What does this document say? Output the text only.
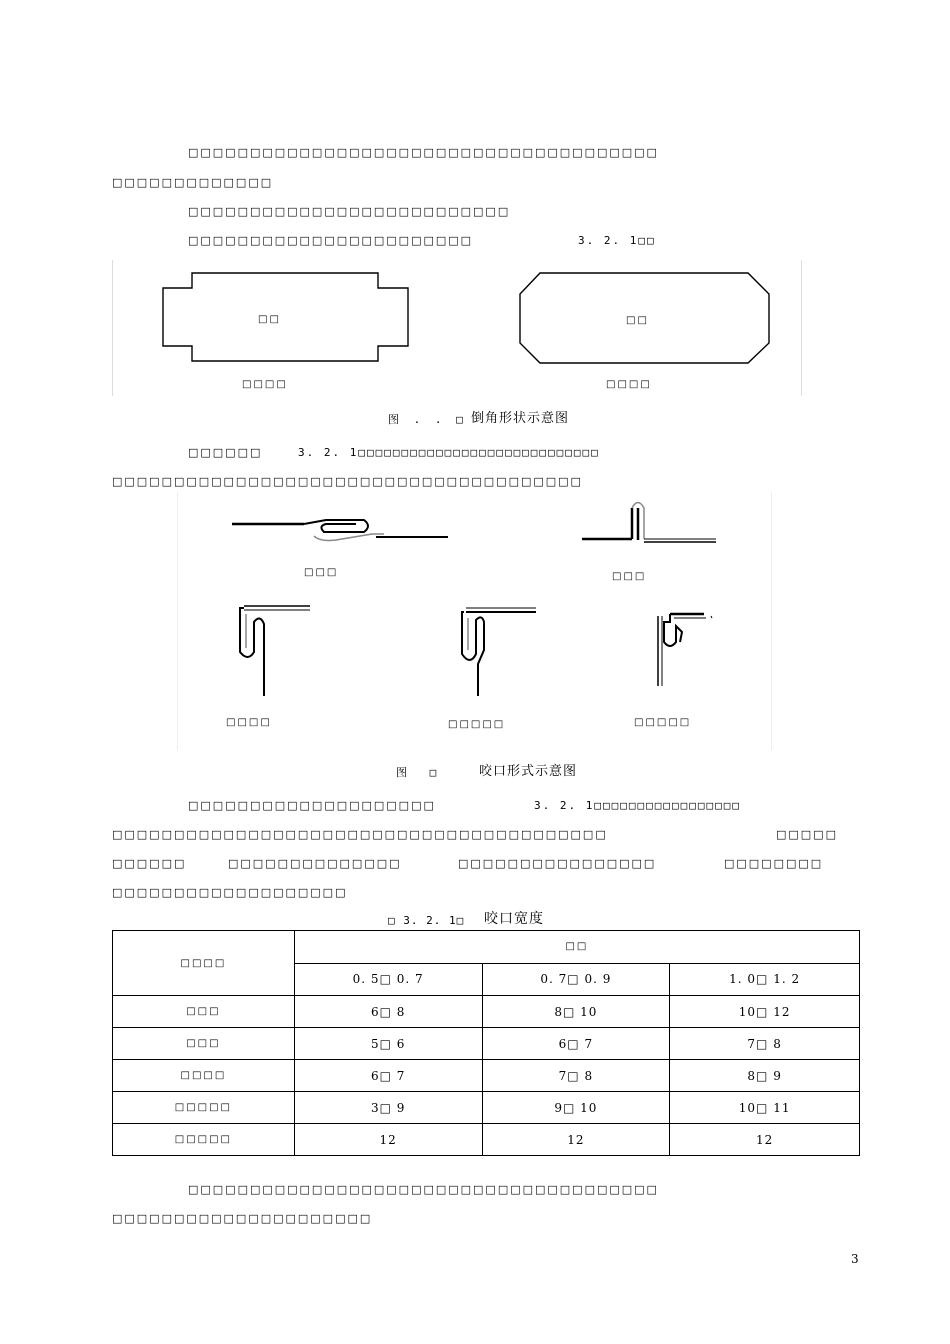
□□□□□□□□□□□□□□□□□□□□□□□□□□□□□□□□□□□□□□
□□□□□□□□□□□□□
□□□□□□□□□□□□□□□□□□□□□□□□□□
□□□□□□□□□□□□□□□□□□□□□□□	3. 2. 1□□
□□
□□□□
□□
□□□□
图 . . □ 倒角形状示意图
□□□□□□	3. 2. 1□□□□□□□□□□□□□□□□□□□□□□□□□□□□
□□□□□□□□□□□□□□□□□□□□□□□□□□□□□□□□□□□□□□
□□□	□□□
□□□□	□□□□□	□□□□□
图 □	咬口形式示意图
□□□□□□□□□□□□□□□□□□□□	3. 2. 1□□□□□□□□□□□□□□□□□
□□□□□□□□□□□□□□□□□□□□□□□□□□□□□□□□□□□□□□□□	□□□□□
□□□□□□	□□□□□□□□□□□□□□	□□□□□□□□□□□□□□□□	□□□□□□□□
□□□□□□□□□□□□□□□□□□□
□ 3. 2. 1□ 咬口宽度
□□□□	□□		
	0. 5□ 0. 7	0. 7□ 0. 9	1. 0□ 1. 2
□□□	6□ 8	8□ 10	10□ 12
□□□	5□ 6	6□ 7	7□ 8
□□□□	6□ 7	7□ 8	8□ 9
□□□□□	3□ 9	9□ 10	10□ 11
□□□□□	12	12	12
□□□□□□□□□□□□□□□□□□□□□□□□□□□□□□□□□□□□□□
□□□□□□□□□□□□□□□□□□□□□
3
